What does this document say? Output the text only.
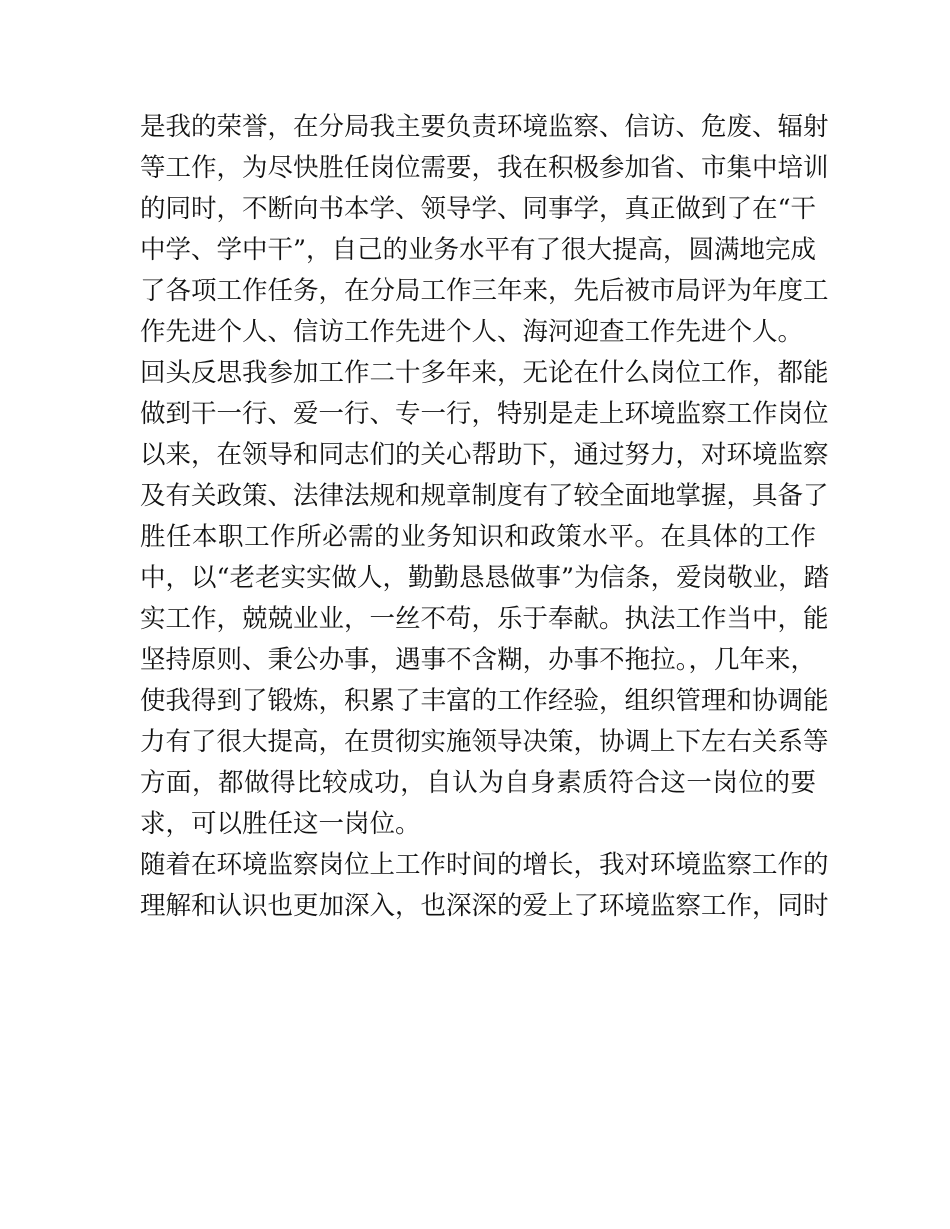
是我的荣誉，在分局我主要负责环境监察、信访、危废、辐射
等工作，为尽快胜任岗位需要，我在积极参加省、市集中培训
的同时，不断向书本学、领导学、同事学，真正做到了在“干
中学、学中干”，自己的业务水平有了很大提高，圆满地完成
了各项工作任务，在分局工作三年来，先后被市局评为年度工
作先进个人、信访工作先进个人、海河迎查工作先进个人。
回头反思我参加工作二十多年来，无论在什么岗位工作，都能
做到干一行、爱一行、专一行，特别是走上环境监察工作岗位
以来，在领导和同志们的关心帮助下，通过努力，对环境监察
及有关政策、法律法规和规章制度有了较全面地掌握，具备了
胜任本职工作所必需的业务知识和政策水平。在具体的工作
中，以“老老实实做人，勤勤恳恳做事”为信条，爱岗敬业，踏
实工作，兢兢业业，一丝不苟，乐于奉献。执法工作当中，能
坚持原则、秉公办事，遇事不含糊，办事不拖拉。，几年来，
使我得到了锻炼，积累了丰富的工作经验，组织管理和协调能
力有了很大提高，在贯彻实施领导决策，协调上下左右关系等
方面，都做得比较成功，自认为自身素质符合这一岗位的要
求，可以胜任这一岗位。
随着在环境监察岗位上工作时间的增长，我对环境监察工作的
理解和认识也更加深入，也深深的爱上了环境监察工作，同时
